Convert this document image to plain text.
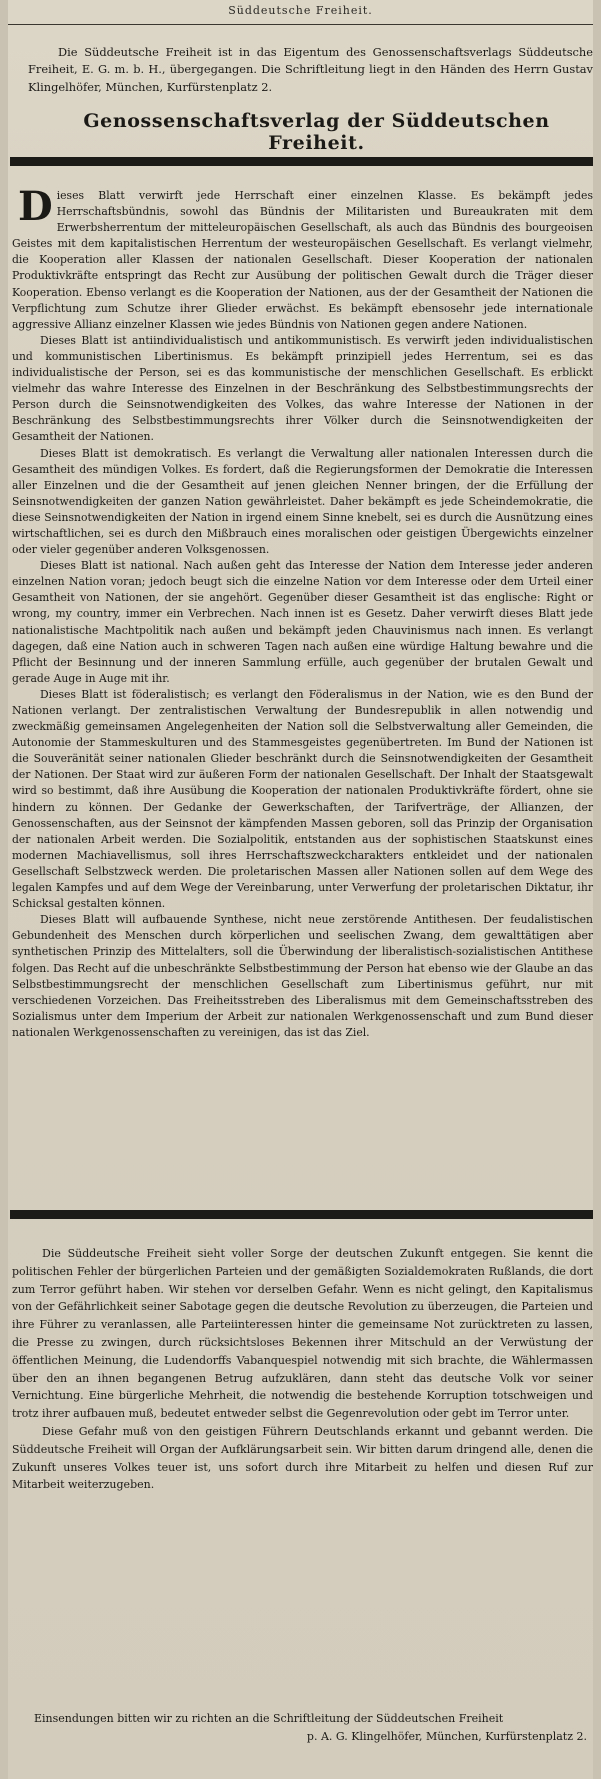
Süddeutsche Freiheit.
Die Süddeutsche Freiheit ist in das Eigentum des Genossenschaftsverlags Süddeutsche Freiheit, E. G. m. b. H., übergegangen. Die Schriftleitung liegt in den Händen des Herrn Gustav Klingelhöfer, München, Kurfürstenplatz 2.
Genossenschaftsverlag der Süddeutschen Freiheit.

Dieses Blatt verwirft jede Herrschaft einer einzelnen Klasse. Es bekämpft jedes Herrschaftsbündnis, sowohl das Bündnis der Militaristen und Bureaukraten mit dem Erwerbsherrentum der mitteleuropäischen Gesellschaft, als auch das Bündnis des bourgeoisen Geistes mit dem kapitalistischen Herrentum der westeuropäischen Gesellschaft. Es verlangt vielmehr, die Kooperation aller Klassen der nationalen Gesellschaft. Dieser Kooperation der nationalen Produktivkräfte entspringt das Recht zur Ausübung der politischen Gewalt durch die Träger dieser Kooperation. Ebenso verlangt es die Kooperation der Nationen, aus der der Gesamtheit der Nationen die Verpflichtung zum Schutze ihrer Glieder erwächst. Es bekämpft ebensosehr jede internationale aggressive Allianz einzelner Klassen wie jedes Bündnis von Nationen gegen andere Nationen.

Dieses Blatt ist antiindividualistisch und antikommunistisch. Es verwirft jeden individualistischen und kommunistischen Libertinismus. Es bekämpft prinzipiell jedes Herrentum, sei es das individualistische der Person, sei es das kommunistische der menschlichen Gesellschaft. Es erblickt vielmehr das wahre Interesse des Einzelnen in der Beschränkung des Selbstbestimmungsrechts der Person durch die Seinsnotwendigkeiten des Volkes, das wahre Interesse der Nationen in der Beschränkung des Selbstbestimmungsrechts ihrer Völker durch die Seinsnotwendigkeiten der Gesamtheit der Nationen.

Dieses Blatt ist demokratisch. Es verlangt die Verwaltung aller nationalen Interessen durch die Gesamtheit des mündigen Volkes. Es fordert, daß die Regierungsformen der Demokratie die Interessen aller Einzelnen und die der Gesamtheit auf jenen gleichen Nenner bringen, der die Erfüllung der Seinsnotwendigkeiten der ganzen Nation gewährleistet. Daher bekämpft es jede Scheindemokratie, die diese Seinsnotwendigkeiten der Nation in irgend einem Sinne knebelt, sei es durch die Ausnützung eines wirtschaftlichen, sei es durch den Mißbrauch eines moralischen oder geistigen Übergewichts einzelner oder vieler gegenüber anderen Volksgenossen.

Dieses Blatt ist national. Nach außen geht das Interesse der Nation dem Interesse jeder anderen einzelnen Nation voran; jedoch beugt sich die einzelne Nation vor dem Interesse oder dem Urteil einer Gesamtheit von Nationen, der sie angehört. Gegenüber dieser Gesamtheit ist das englische: Right or wrong, my country, immer ein Verbrechen. Nach innen ist es Gesetz. Daher verwirft dieses Blatt jede nationalistische Machtpolitik nach außen und bekämpft jeden Chauvinismus nach innen. Es verlangt dagegen, daß eine Nation auch in schweren Tagen nach außen eine würdige Haltung bewahre und die Pflicht der Besinnung und der inneren Sammlung erfülle, auch gegenüber der brutalen Gewalt und gerade Auge in Auge mit ihr.

Dieses Blatt ist föderalistisch; es verlangt den Föderalismus in der Nation, wie es den Bund der Nationen verlangt. Der zentralistischen Verwaltung der Bundesrepublik in allen notwendig und zweckmäßig gemeinsamen Angelegenheiten der Nation soll die Selbstverwaltung aller Gemeinden, die Autonomie der Stammeskulturen und des Stammesgeistes gegenübertreten. Im Bund der Nationen ist die Souveränität seiner nationalen Glieder beschränkt durch die Seinsnotwendigkeiten der Gesamtheit der Nationen. Der Staat wird zur äußeren Form der nationalen Gesellschaft. Der Inhalt der Staatsgewalt wird so bestimmt, daß ihre Ausübung die Kooperation der nationalen Produktivkräfte fördert, ohne sie hindern zu können. Der Gedanke der Gewerkschaften, der Tarifverträge, der Allianzen, der Genossenschaften, aus der Seinsnot der kämpfenden Massen geboren, soll das Prinzip der Organisation der nationalen Arbeit werden. Die Sozialpolitik, entstanden aus der sophistischen Staatskunst eines modernen Machiavellismus, soll ihres Herrschaftszweckcharakters entkleidet und der nationalen Gesellschaft Selbstzweck werden. Die proletarischen Massen aller Nationen sollen auf dem Wege des legalen Kampfes und auf dem Wege der Vereinbarung, unter Verwerfung der proletarischen Diktatur, ihr Schicksal gestalten können.

Dieses Blatt will aufbauende Synthese, nicht neue zerstörende Antithesen. Der feudalistischen Gebundenheit des Menschen durch körperlichen und seelischen Zwang, dem gewalttätigen aber synthetischen Prinzip des Mittelalters, soll die Überwindung der liberalistisch-sozialistischen Antithese folgen. Das Recht auf die unbeschränkte Selbstbestimmung der Person hat ebenso wie der Glaube an das Selbstbestimmungsrecht der menschlichen Gesellschaft zum Libertinismus geführt, nur mit verschiedenen Vorzeichen. Das Freiheitsstreben des Liberalismus mit dem Gemeinschaftsstreben des Sozialismus unter dem Imperium der Arbeit zur nationalen Werkgenossenschaft und zum Bund dieser nationalen Werkgenossenschaften zu vereinigen, das ist das Ziel.

Die Süddeutsche Freiheit sieht voller Sorge der deutschen Zukunft entgegen. Sie kennt die politischen Fehler der bürgerlichen Parteien und der gemäßigten Sozialdemokraten Rußlands, die dort zum Terror geführt haben. Wir stehen vor derselben Gefahr. Wenn es nicht gelingt, den Kapitalismus von der Gefährlichkeit seiner Sabotage gegen die deutsche Revolution zu überzeugen, die Parteien und ihre Führer zu veranlassen, alle Parteiinteressen hinter die gemeinsame Not zurücktreten zu lassen, die Presse zu zwingen, durch rücksichtsloses Bekennen ihrer Mitschuld an der Verwüstung der öffentlichen Meinung, die Ludendorffs Vabanquespiel notwendig mit sich brachte, die Wählermassen über den an ihnen begangenen Betrug aufzuklären, dann steht das deutsche Volk vor seiner Vernichtung. Eine bürgerliche Mehrheit, die notwendig die bestehende Korruption totschweigen und trotz ihrer aufbauen muß, bedeutet entweder selbst die Gegenrevolution oder gebt im Terror unter.

Diese Gefahr muß von den geistigen Führern Deutschlands erkannt und gebannt werden. Die Süddeutsche Freiheit will Organ der Aufklärungsarbeit sein. Wir bitten darum dringend alle, denen die Zukunft unseres Volkes teuer ist, uns sofort durch ihre Mitarbeit zu helfen und diesen Ruf zur Mitarbeit weiterzugeben.

Einsendungen bitten wir zu richten an die Schriftleitung der Süddeutschen Freiheit
p. A. G. Klingelhöfer, München, Kurfürstenplatz 2.
